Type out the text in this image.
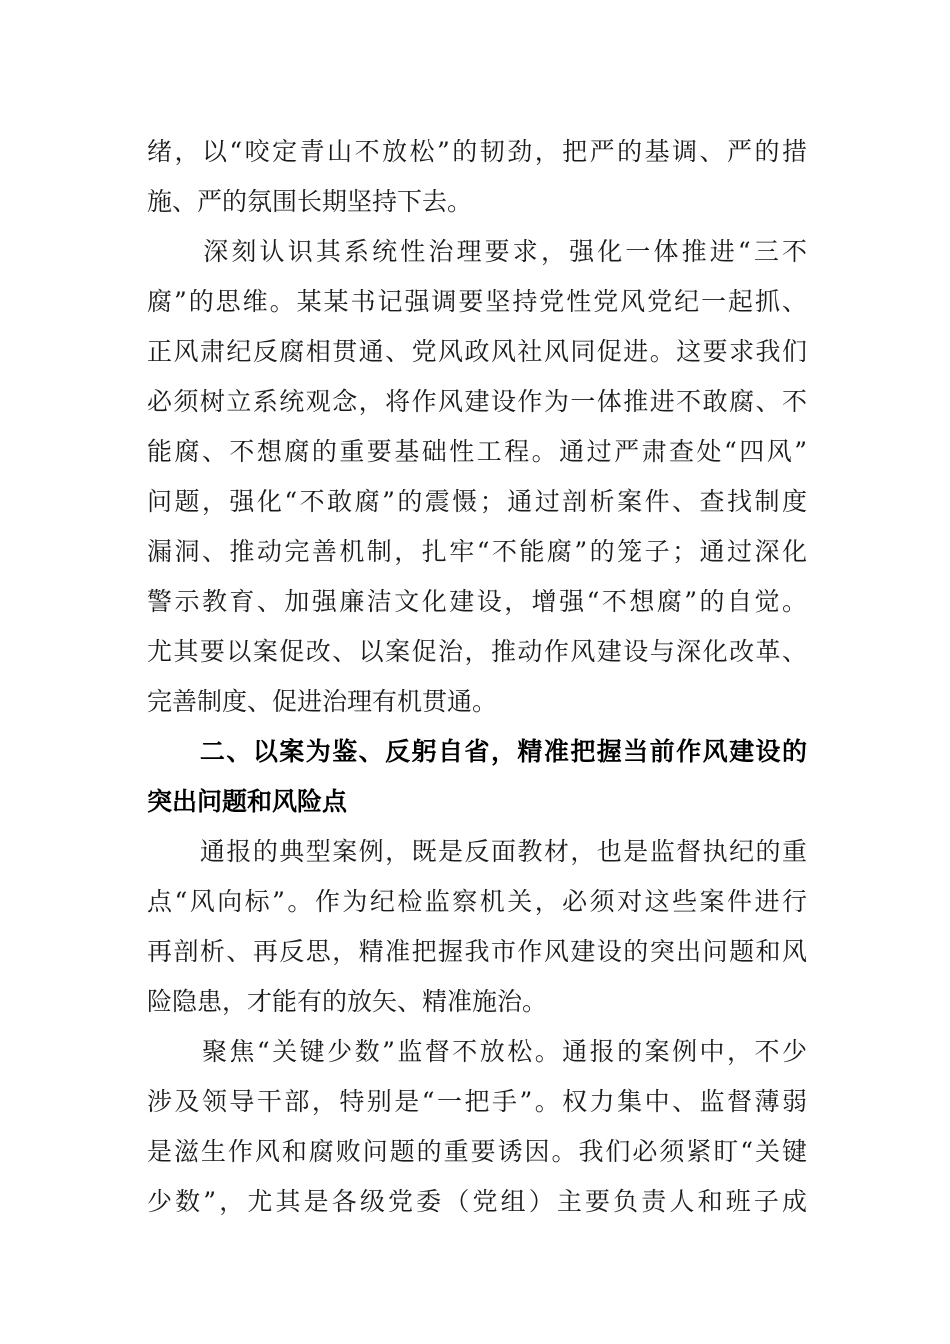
绪，以“咬定青山不放松”的韧劲，把严的基调、严的措
施、严的氛围长期坚持下去。
　　深刻认识其系统性治理要求，强化一体推进“三不
腐”的思维。某某书记强调要坚持党性党风党纪一起抓、
正风肃纪反腐相贯通、党风政风社风同促进。这要求我们
必须树立系统观念，将作风建设作为一体推进不敢腐、不
能腐、不想腐的重要基础性工程。通过严肃查处“四风”
问题，强化“不敢腐”的震慑；通过剖析案件、查找制度
漏洞、推动完善机制，扎牢“不能腐”的笼子；通过深化
警示教育、加强廉洁文化建设，增强“不想腐”的自觉。
尤其要以案促改、以案促治，推动作风建设与深化改革、
完善制度、促进治理有机贯通。
　　二、以案为鉴、反躬自省，精准把握当前作风建设的
突出问题和风险点
　　通报的典型案例，既是反面教材，也是监督执纪的重
点“风向标”。作为纪检监察机关，必须对这些案件进行
再剖析、再反思，精准把握我市作风建设的突出问题和风
险隐患，才能有的放矢、精准施治。
　　聚焦“关键少数”监督不放松。通报的案例中，不少
涉及领导干部，特别是“一把手”。权力集中、监督薄弱
是滋生作风和腐败问题的重要诱因。我们必须紧盯“关键
少数”，尤其是各级党委（党组）主要负责人和班子成
